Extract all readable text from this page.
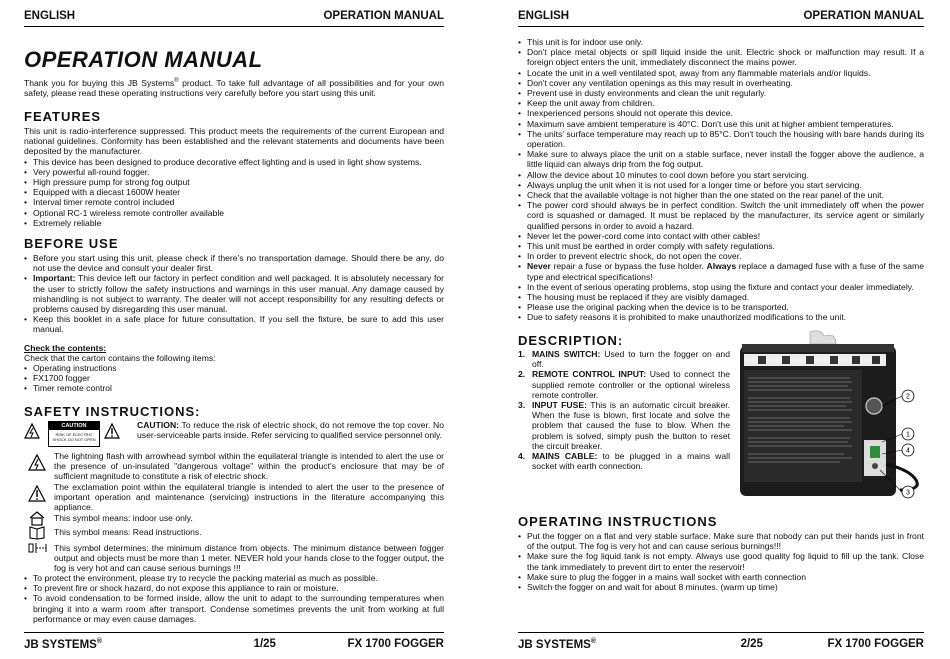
ENGLISH	OPERATION MANUAL
OPERATION MANUAL
Thank you for buying this JB Systems® product. To take full advantage of all possibilities and for your own safety, please read these operating instructions very carefully before you start using this unit.
FEATURES
This unit is radio-interference suppressed. This product meets the requirements of the current European and national guidelines. Conformity has been established and the relevant statements and documents have been deposited by the manufacturer.
• This device has been designed to produce decorative effect lighting and is used in light show systems.
• Very powerful all-round fogger.
• High pressure pump for strong fog output
• Equipped with a diecast 1600W heater
• Interval timer remote control included
• Optional RC-1 wireless remote controller available
• Extremely reliable
BEFORE USE
• Before you start using this unit, please check if there's no transportation damage. Should there be any, do not use the device and consult your dealer first.
• Important: This device left our factory in perfect condition and well packaged. It is absolutely necessary for the user to strictly follow the safety instructions and warnings in this user manual. Any damage caused by mishandling is not subject to warranty. The dealer will not accept responsibility for any resulting defects or problems caused by disregarding this user manual.
• Keep this booklet in a safe place for future consultation. If you sell the fixture, be sure to add this user manual.
Check the contents:
Check that the carton contains the following items:
• Operating instructions
• FX1700 fogger
• Timer remote control
SAFETY INSTRUCTIONS:
CAUTION
RISK OF ELECTRIC SHOCK DO NOT OPEN
CAUTION: To reduce the risk of electric shock, do not remove the top cover. No user-serviceable parts inside. Refer servicing to qualified service personnel only.
The lightning flash with arrowhead symbol within the equilateral triangle is intended to alert the use or the presence of un-insulated "dangerous voltage" within the product's enclosure that may be of sufficient magnitude to constitute a risk of electric shock.
The exclamation point within the equilateral triangle is intended to alert the user to the presence of important operation and maintenance (servicing) instructions in the literature accompanying this appliance.
This symbol means: indoor use only.
This symbol means: Read instructions.
This symbol determines: the minimum distance from objects. The minimum distance between fogger output and objects must be more than 1 meter. NEVER hold your hands close to the fogger output, the fog is very hot and can cause serious burnings !!!
• To protect the environment, please try to recycle the packing material as much as possible.
• To prevent fire or shock hazard, do not expose this appliance to rain or moisture.
• To avoid condensation to be formed inside, allow the unit to adapt to the surrounding temperatures when bringing it into a warm room after transport. Condense sometimes prevents the unit from working at full performance or may even cause damages.
JB SYSTEMS®	1/25	FX 1700 FOGGER
ENGLISH	OPERATION MANUAL
• This unit is for indoor use only.
• Don't place metal objects or spill liquid inside the unit. Electric shock or malfunction may result. If a foreign object enters the unit, immediately disconnect the mains power.
• Locate the unit in a well ventilated spot, away from any flammable materials and/or liquids.
• Don't cover any ventilation openings as this may result in overheating.
• Prevent use in dusty environments and clean the unit regularly.
• Keep the unit away from children.
• Inexperienced persons should not operate this device.
• Maximum save ambient temperature is 40°C. Don't use this unit at higher ambient temperatures.
• The units' surface temperature may reach up to 85°C. Don't touch the housing with bare hands during its operation.
• Make sure to always place the unit on a stable surface, never install the fogger above the audience, a little liquid can always drip from the fog output.
• Allow the device about 10 minutes to cool down before you start servicing.
• Always unplug the unit when it is not used for a longer time or before you start servicing.
• Check that the available voltage is not higher than the one stated on the rear panel of the unit.
• The power cord should always be in perfect condition. Switch the unit immediately off when the power cord is squashed or damaged. It must be replaced by the manufacturer, its service agent or similarly qualified persons in order to avoid a hazard.
• Never let the power-cord come into contact with other cables!
• This unit must be earthed in order comply with safety regulations.
• In order to prevent electric shock, do not open the cover.
• Never repair a fuse or bypass the fuse holder. Always replace a damaged fuse with a fuse of the same type and electrical specifications!
• In the event of serious operating problems, stop using the fixture and contact your dealer immediately.
• The housing must be replaced if they are visibly damaged.
• Please use the original packing when the device is to be transported.
• Due to safety reasons it is prohibited to make unauthorized modifications to the unit.
DESCRIPTION:
1. MAINS SWITCH: Used to turn the fogger on and off.
2. REMOTE CONTROL INPUT: Used to connect the supplied remote controller or the optional wireless remote controller.
3. INPUT FUSE: This is an automatic circuit breaker. When the fuse is blown, first locate and solve the problem that caused the fuse to blow. When the problem is solved, simply push the button to reset the circuit breaker.
4. MAINS CABLE: to be plugged in a mains wall socket with earth connection.
2
1
4
3
OPERATING INSTRUCTIONS
• Put the fogger on a flat and very stable surface. Make sure that nobody can put their hands just in front of the output. The fog is very hot and can cause serious burnings!!!
• Make sure the fog liquid tank is not empty. Always use good quality fog liquid to fill up the tank. Close the tank immediately to prevent dirt to enter the reservoir!
• Make sure to plug the fogger in a mains wall socket with earth connection
• Switch the fogger on and wait for about 8 minutes. (warm up time)
JB SYSTEMS®	2/25	FX 1700 FOGGER
